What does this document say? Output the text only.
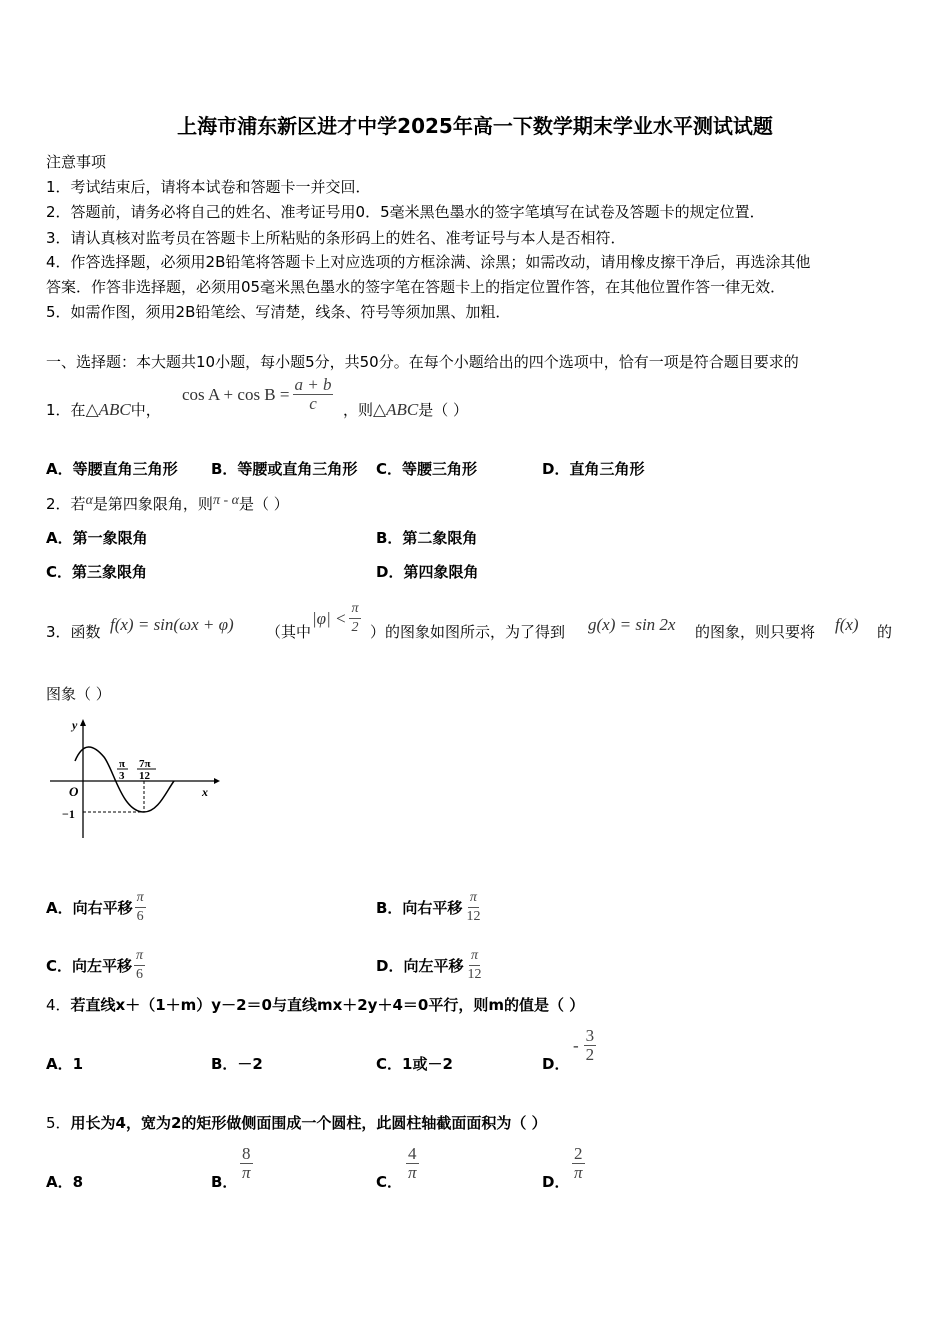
上海市浦东新区进才中学2025年高一下数学期末学业水平测试试题
注意事项
1．考试结束后，请将本试卷和答题卡一并交回．
2．答题前，请务必将自己的姓名、准考证号用0．5毫米黑色墨水的签字笔填写在试卷及答题卡的规定位置．
3．请认真核对监考员在答题卡上所粘贴的条形码上的姓名、准考证号与本人是否相符．
4．作答选择题，必须用2B铅笔将答题卡上对应选项的方框涂满、涂黑；如需改动，请用橡皮擦干净后，再选涂其他
答案．作答非选择题，必须用05毫米黑色墨水的签字笔在答题卡上的指定位置作答，在其他位置作答一律无效．
5．如需作图，须用2B铅笔绘、写清楚，线条、符号等须加黑、加粗．
一、选择题：本大题共10小题，每小题5分，共50分。在每个小题给出的四个选项中，恰有一项是符合题目要求的
1．在△ABC中，
$\cos A + \cos B = \frac{a + b}{c}$ ，则△ABC是（ ）
A．等腰直角三角形 B．等腰或直角三角形 C．等腰三角形	D．直角三角形
2．若α是第四象限角，则π - α是（ ）
A．第一象限角	B．第二象限角
C．第三象限角	D．第四象限角
3．函数 f(x) = sin(ωx + φ) （其中
$|\varphi| < \frac{\pi}{2}$ ）的图象如图所示，为了得到 g(x) = sin 2x 的图象，则只要将 f(x) 的
图象（ ）
y
x
O
−1
π
3
7π
12
A．向右平移 $\frac{\pi}{6}$	B．向右平移 $\frac{\pi}{12}$
C．向左平移 $\frac{\pi}{6}$	D．向左平移 $\frac{\pi}{12}$
4．若直线x＋（1＋m）y－2＝0与直线mx＋2y＋4＝0平行，则m的值是（ ）
A．1	B．－2	C．1或－2	D．
- $\frac{3}{2}$
5．用长为4，宽为2的矩形做侧面围成一个圆柱，此圆柱轴截面面积为（ ）
A．8	B． $\frac{8}{\pi}$	C． $\frac{4}{\pi}$	D． $\frac{2}{\pi}$
